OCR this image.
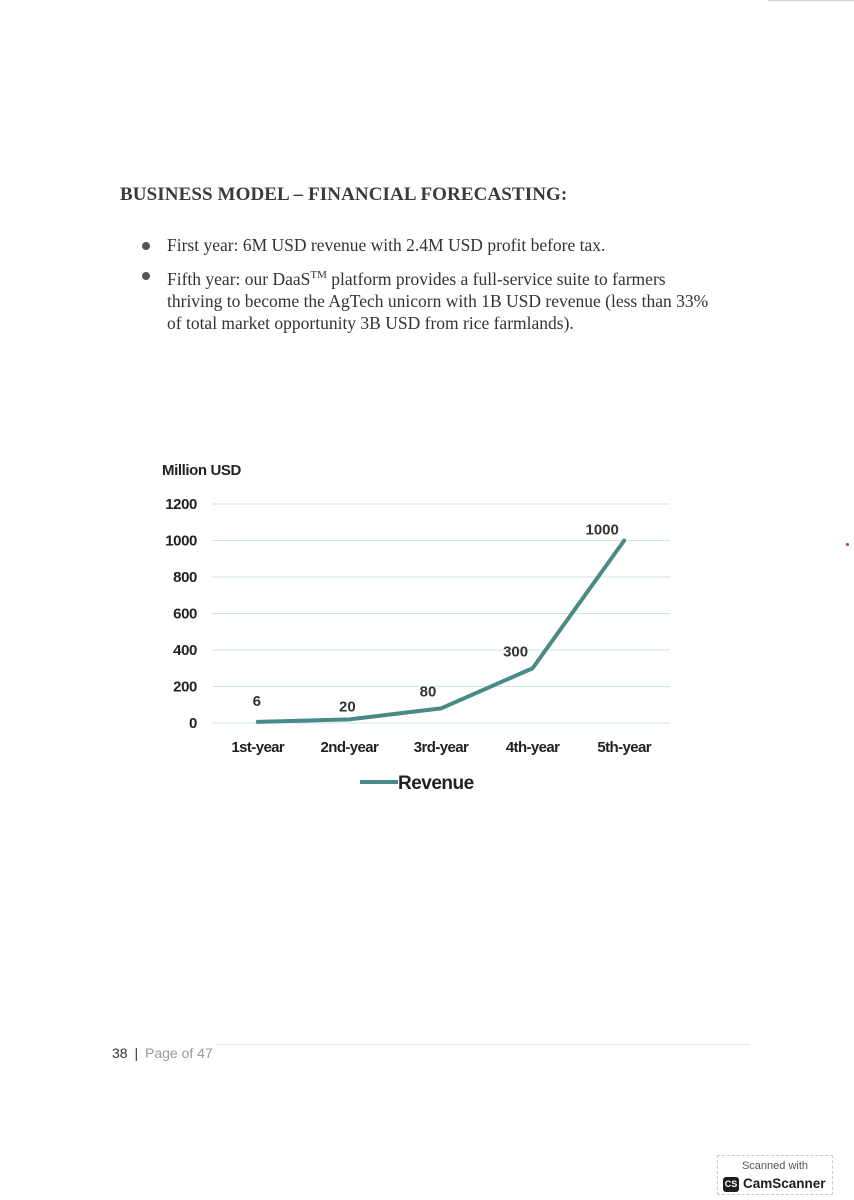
BUSINESS MODEL – FINANCIAL FORECASTING:
First year: 6M USD revenue with 2.4M USD profit before tax.
Fifth year: our DaaS™ platform provides a full-service suite to farmers thriving to become the AgTech unicorn with 1B USD revenue (less than 33% of total market opportunity 3B USD from rice farmlands).
Million USD
0
200
400
600
800
1000
1200
1st-year 2nd-year 3rd-year	4th-year	5th-year
6	20
80
300
1000
Revenue
38 | Page of 47
Scanned with
CS CamScanner
